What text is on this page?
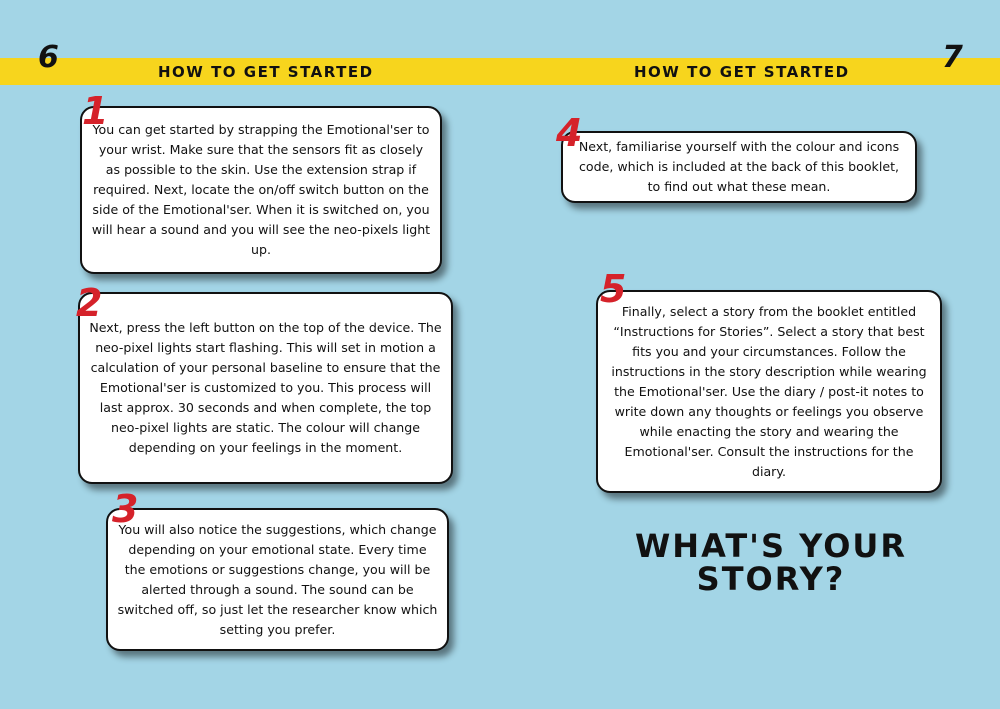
6	HOW TO GET STARTED

You can get started by strapping the Emotional'ser to your wrist. Make sure that the sensors fit as closely as possible to the skin. Use the extension strap if required. Next, locate the on/off switch button on the side of the Emotional'ser. When it is switched on, you will hear a sound and you will see the neo-pixels light up.

1

Next, press the left button on the top of the device. The neo-pixel lights start flashing. This will set in motion a calculation of your personal baseline to ensure that the Emotional'ser is customized to you. This process will last approx. 30 seconds and when complete, the top neo-pixel lights are static. The colour will change depending on your feelings in the moment.

2

You will also notice the suggestions, which change depending on your emotional state. Every time the emotions or suggestions change, you will be alerted through a sound. The sound can be switched off, so just let the researcher know which setting you prefer.

3
HOW TO GET STARTED	7

Next, familiarise yourself with the colour and icons code, which is included at the back of this booklet, to find out what these mean.

4

Finally, select a story from the booklet entitled “Instructions for Stories”. Select a story that best fits you and your circumstances. Follow the instructions in the story description while wearing the Emotional'ser. Use the diary / post-it notes to write down any thoughts or feelings you observe while enacting the story and wearing the Emotional'ser. Consult the instructions for the diary.

5
WHAT'S YOUR
STORY?
